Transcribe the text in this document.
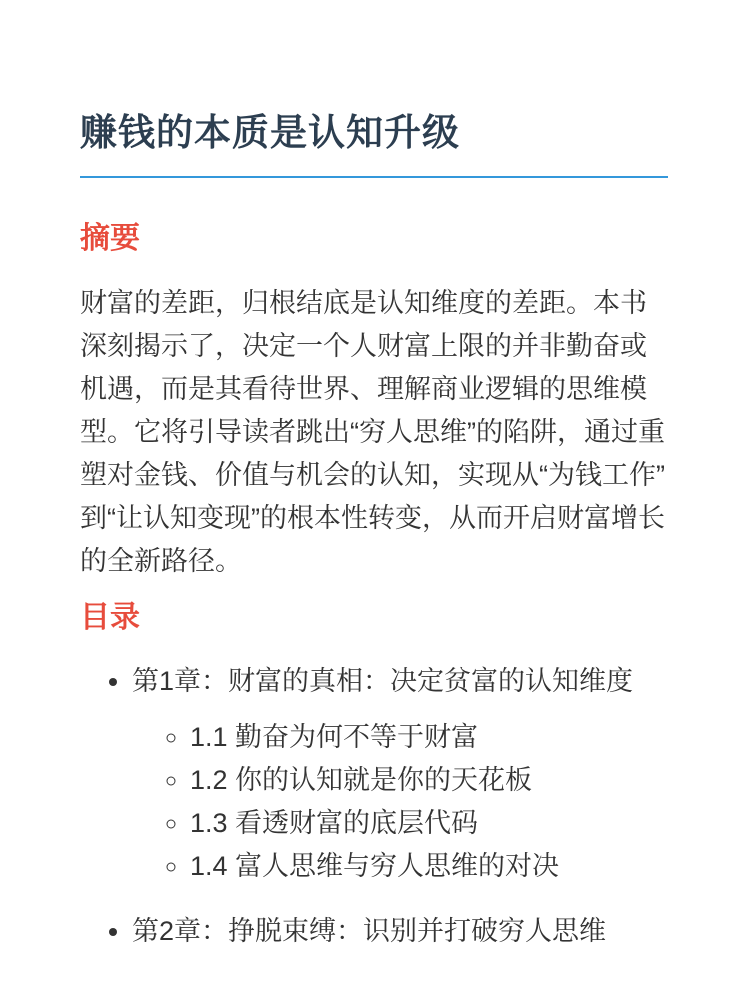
赚钱的本质是认知升级
摘要

财富的差距，归根结底是认知维度的差距。本书深刻揭示了，决定一个人财富上限的并非勤奋或机遇，而是其看待世界、理解商业逻辑的思维模型。它将引导读者跳出“穷人思维”的陷阱，通过重塑对金钱、价值与机会的认知，实现从“为钱工作”到“让认知变现”的根本性转变，从而开启财富增长的全新路径。

目录
• 第1章：财富的真相：决定贫富的认知维度
◦ 1.1 勤奋为何不等于财富
◦ 1.2 你的认知就是你的天花板
◦ 1.3 看透财富的底层代码
◦ 1.4 富人思维与穷人思维的对决
• 第2章：挣脱束缚：识别并打破穷人思维
